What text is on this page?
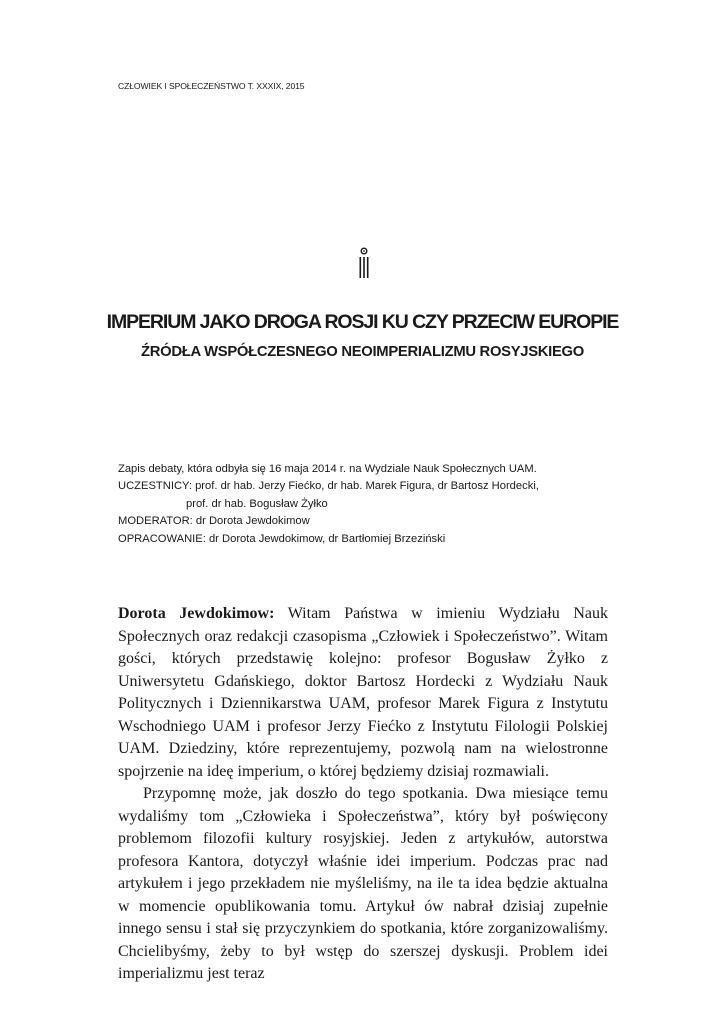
CZŁOWIEK I SPOŁECZEŃSTWO T. XXXIX, 2015
IMPERIUM JAKO DROGA ROSJI KU CZY PRZECIW EUROPIE
ŹRÓDŁA WSPÓŁCZESNEGO NEOIMPERIALIZMU ROSYJSKIEGO
Zapis debaty, która odbyła się 16 maja 2014 r. na Wydziale Nauk Społecznych UAM.
UCZESTNICY: prof. dr hab. Jerzy Fiećko, dr hab. Marek Figura, dr Bartosz Hordecki,
prof. dr hab. Bogusław Żyłko
MODERATOR: dr Dorota Jewdokimow
OPRACOWANIE: dr Dorota Jewdokimow, dr Bartłomiej Brzeziński

Dorota Jewdokimow: Witam Państwa w imieniu Wydziału Nauk Społecznych oraz redakcji czasopisma „Człowiek i Społeczeństwo”. Witam gości, których przedstawię kolejno: profesor Bogusław Żyłko z Uniwersytetu Gdańskiego, doktor Bartosz Hordecki z Wydziału Nauk Politycznych i Dziennikarstwa UAM, profesor Marek Figura z Instytutu Wschodniego UAM i profesor Jerzy Fiećko z Instytutu Filologii Polskiej UAM. Dziedziny, które reprezentujemy, pozwolą nam na wielostronne spojrzenie na ideę imperium, o której będziemy dzisiaj rozmawiali.

Przypomnę może, jak doszło do tego spotkania. Dwa miesiące temu wydaliśmy tom „Człowieka i Społeczeństwa”, który był poświęcony problemom filozofii kultury rosyjskiej. Jeden z artykułów, autorstwa profesora Kantora, dotyczył właśnie idei imperium. Podczas prac nad artykułem i jego przekładem nie myśleliśmy, na ile ta idea będzie aktualna w momencie opublikowania tomu. Artykuł ów nabrał dzisiaj zupełnie innego sensu i stał się przyczynkiem do spotkania, które zorganizowaliśmy. Chcielibyśmy, żeby to był wstęp do szerszej dyskusji. Problem idei imperializmu jest teraz
